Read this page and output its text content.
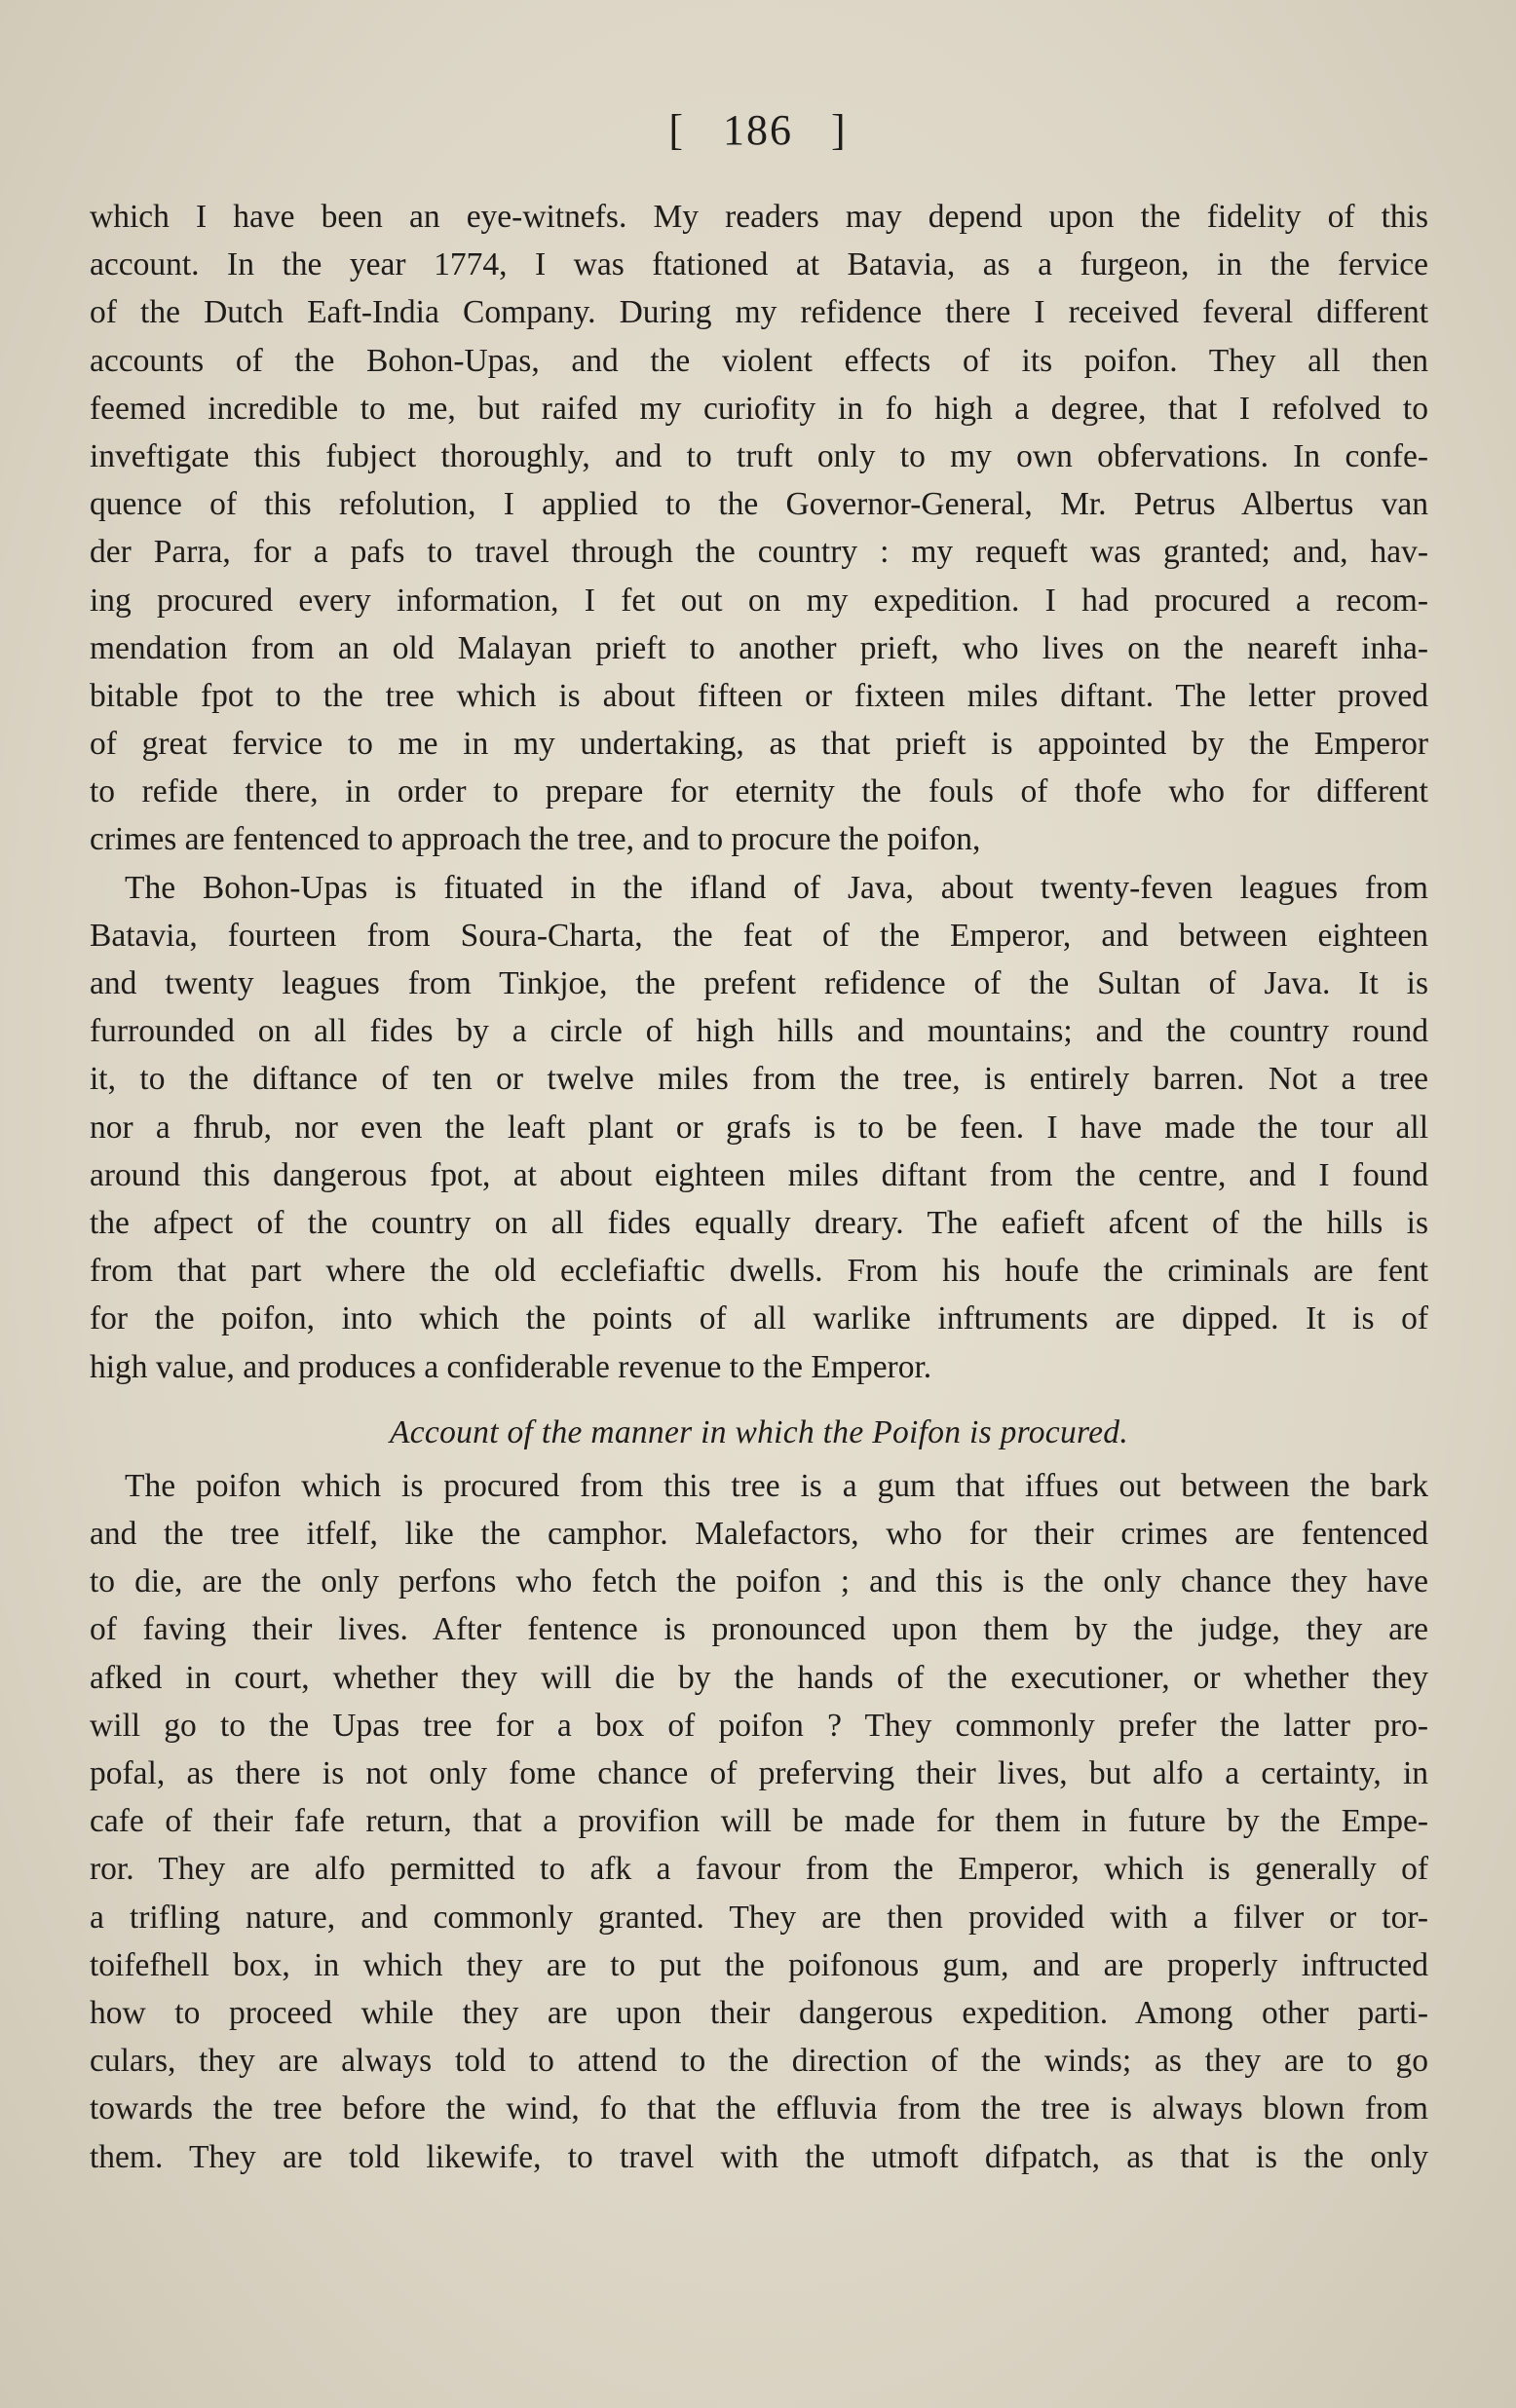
[ 186 ]
which I have been an eye-witnefs. My readers may depend upon the fidelity of this
account. In the year 1774, I was ftationed at Batavia, as a furgeon, in the fervice
of the Dutch Eaft-India Company. During my refidence there I received feveral different
accounts of the Bohon-Upas, and the violent effects of its poifon. They all then
feemed incredible to me, but raifed my curiofity in fo high a degree, that I refolved to
inveftigate this fubject thoroughly, and to truft only to my own obfervations. In confe-
quence of this refolution, I applied to the Governor-General, Mr. Petrus Albertus van
der Parra, for a pafs to travel through the country : my requeft was granted; and, hav-
ing procured every information, I fet out on my expedition. I had procured a recom-
mendation from an old Malayan prieft to another prieft, who lives on the neareft inha-
bitable fpot to the tree which is about fifteen or fixteen miles diftant. The letter proved
of great fervice to me in my undertaking, as that prieft is appointed by the Emperor
to refide there, in order to prepare for eternity the fouls of thofe who for different
crimes are fentenced to approach the tree, and to procure the poifon,
The Bohon-Upas is fituated in the ifland of Java, about twenty-feven leagues from
Batavia, fourteen from Soura-Charta, the feat of the Emperor, and between eighteen
and twenty leagues from Tinkjoe, the prefent refidence of the Sultan of Java. It is
furrounded on all fides by a circle of high hills and mountains; and the country round
it, to the diftance of ten or twelve miles from the tree, is entirely barren. Not a tree
nor a fhrub, nor even the leaft plant or grafs is to be feen. I have made the tour all
around this dangerous fpot, at about eighteen miles diftant from the centre, and I found
the afpect of the country on all fides equally dreary. The eafieft afcent of the hills is
from that part where the old ecclefiaftic dwells. From his houfe the criminals are fent
for the poifon, into which the points of all warlike inftruments are dipped. It is of
high value, and produces a confiderable revenue to the Emperor.
Account of the manner in which the Poifon is procured.
The poifon which is procured from this tree is a gum that iffues out between the bark
and the tree itfelf, like the camphor. Malefactors, who for their crimes are fentenced
to die, are the only perfons who fetch the poifon ; and this is the only chance they have
of faving their lives. After fentence is pronounced upon them by the judge, they are
afked in court, whether they will die by the hands of the executioner, or whether they
will go to the Upas tree for a box of poifon ? They commonly prefer the latter pro-
pofal, as there is not only fome chance of preferving their lives, but alfo a certainty, in
cafe of their fafe return, that a provifion will be made for them in future by the Empe-
ror. They are alfo permitted to afk a favour from the Emperor, which is generally of
a trifling nature, and commonly granted. They are then provided with a filver or tor-
toifefhell box, in which they are to put the poifonous gum, and are properly inftructed
how to proceed while they are upon their dangerous expedition. Among other parti-
culars, they are always told to attend to the direction of the winds; as they are to go
towards the tree before the wind, fo that the effluvia from the tree is always blown from
them. They are told likewife, to travel with the utmoft difpatch, as that is the only
